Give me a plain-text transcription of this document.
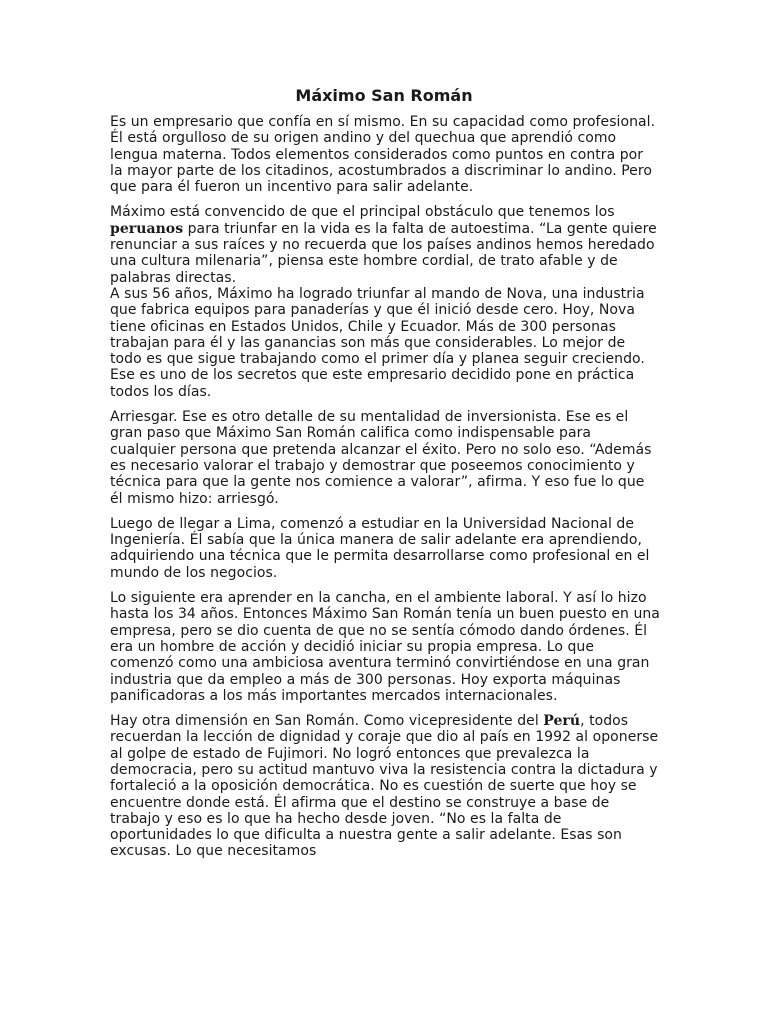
Máximo San Román

Es un empresario que confía en sí mismo. En su capacidad como profesional. Él está orgulloso de su origen andino y del quechua que aprendió como lengua materna. Todos elementos considerados como puntos en contra por la mayor parte de los citadinos, acostumbrados a discriminar lo andino. Pero que para él fueron un incentivo para salir adelante.

Máximo está convencido de que el principal obstáculo que tenemos los peruanos para triunfar en la vida es la falta de autoestima. “La gente quiere renunciar a sus raíces y no recuerda que los países andinos hemos heredado una cultura milenaria”, piensa este hombre cordial, de trato afable y de palabras directas.

A sus 56 años, Máximo ha logrado triunfar al mando de Nova, una industria que fabrica equipos para panaderías y que él inició desde cero. Hoy, Nova tiene oficinas en Estados Unidos, Chile y Ecuador. Más de 300 personas trabajan para él y las ganancias son más que considerables. Lo mejor de todo es que sigue trabajando como el primer día y planea seguir creciendo. Ese es uno de los secretos que este empresario decidido pone en práctica todos los días.

Arriesgar. Ese es otro detalle de su mentalidad de inversionista. Ese es el gran paso que Máximo San Román califica como indispensable para cualquier persona que pretenda alcanzar el éxito. Pero no solo eso. “Además es necesario valorar el trabajo y demostrar que poseemos conocimiento y técnica para que la gente nos comience a valorar”, afirma. Y eso fue lo que él mismo hizo: arriesgó.

Luego de llegar a Lima, comenzó a estudiar en la Universidad Nacional de Ingeniería. Él sabía que la única manera de salir adelante era aprendiendo, adquiriendo una técnica que le permita desarrollarse como profesional en el mundo de los negocios.

Lo siguiente era aprender en la cancha, en el ambiente laboral. Y así lo hizo hasta los 34 años. Entonces Máximo San Román tenía un buen puesto en una empresa, pero se dio cuenta de que no se sentía cómodo dando órdenes. Él era un hombre de acción y decidió iniciar su propia empresa. Lo que comenzó como una ambiciosa aventura terminó convirtiéndose en una gran industria que da empleo a más de 300 personas. Hoy exporta máquinas panificadoras a los más importantes mercados internacionales.

Hay otra dimensión en San Román. Como vicepresidente del Perú, todos recuerdan la lección de dignidad y coraje que dio al país en 1992 al oponerse al golpe de estado de Fujimori. No logró entonces que prevalezca la democracia, pero su actitud mantuvo viva la resistencia contra la dictadura y fortaleció a la oposición democrática. No es cuestión de suerte que hoy se encuentre donde está. Él afirma que el destino se construye a base de trabajo y eso es lo que ha hecho desde joven. “No es la falta de oportunidades lo que dificulta a nuestra gente a salir adelante. Esas son excusas. Lo que necesitamos
